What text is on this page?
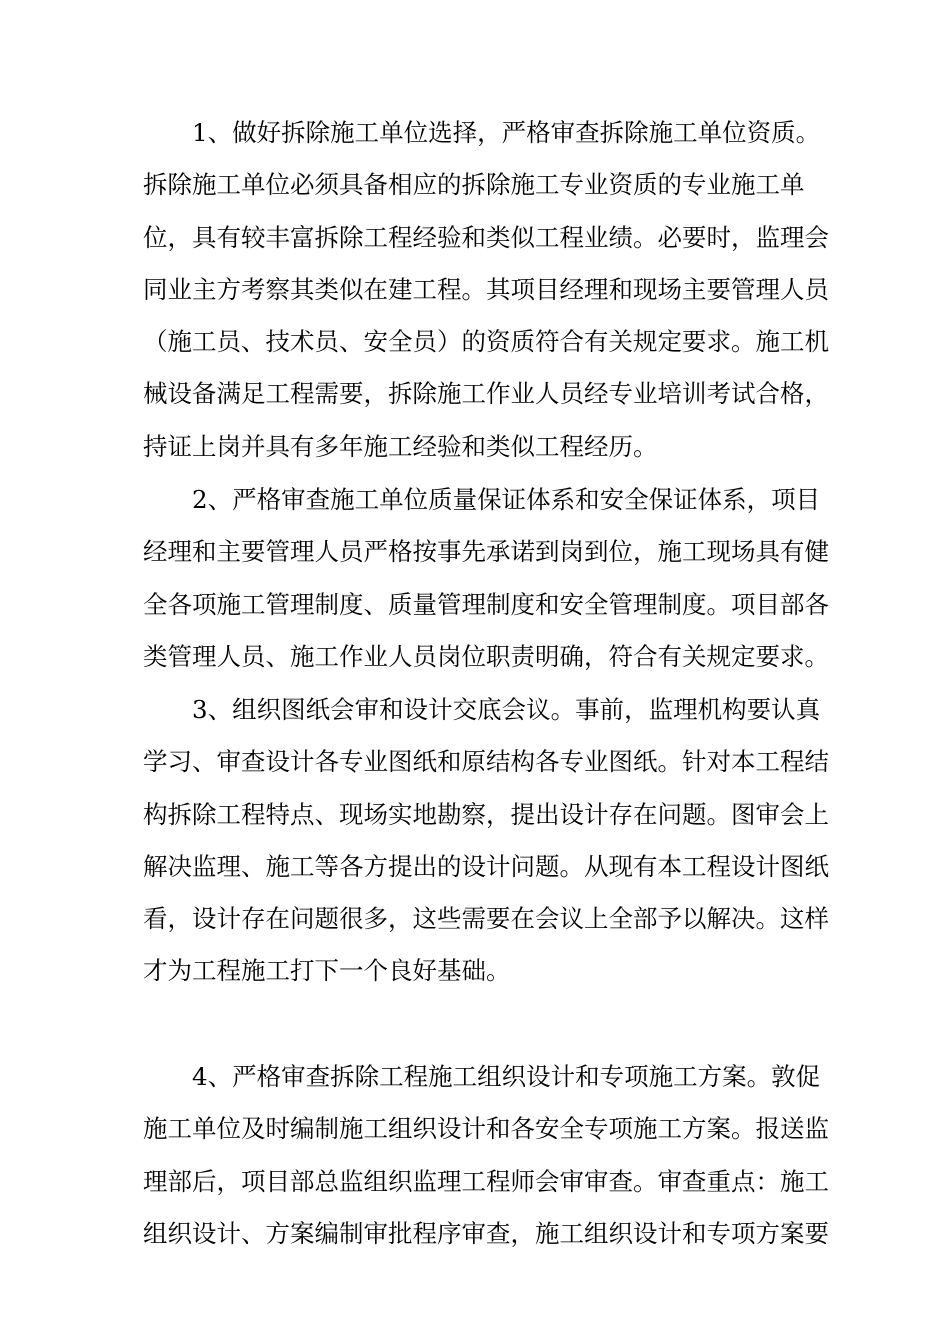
1、做好拆除施工单位选择，严格审查拆除施工单位资质。
拆除施工单位必须具备相应的拆除施工专业资质的专业施工单
位，具有较丰富拆除工程经验和类似工程业绩。必要时，监理会
同业主方考察其类似在建工程。其项目经理和现场主要管理人员
（施工员、技术员、安全员）的资质符合有关规定要求。施工机
械设备满足工程需要，拆除施工作业人员经专业培训考试合格，
持证上岗并具有多年施工经验和类似工程经历。
2、严格审查施工单位质量保证体系和安全保证体系，项目
经理和主要管理人员严格按事先承诺到岗到位，施工现场具有健
全各项施工管理制度、质量管理制度和安全管理制度。项目部各
类管理人员、施工作业人员岗位职责明确，符合有关规定要求。
3、组织图纸会审和设计交底会议。事前，监理机构要认真
学习、审查设计各专业图纸和原结构各专业图纸。针对本工程结
构拆除工程特点、现场实地勘察，提出设计存在问题。图审会上
解决监理、施工等各方提出的设计问题。从现有本工程设计图纸
看，设计存在问题很多，这些需要在会议上全部予以解决。这样
才为工程施工打下一个良好基础。
4、严格审查拆除工程施工组织设计和专项施工方案。敦促
施工单位及时编制施工组织设计和各安全专项施工方案。报送监
理部后，项目部总监组织监理工程师会审审查。审查重点：施工
组织设计、方案编制审批程序审查，施工组织设计和专项方案要
